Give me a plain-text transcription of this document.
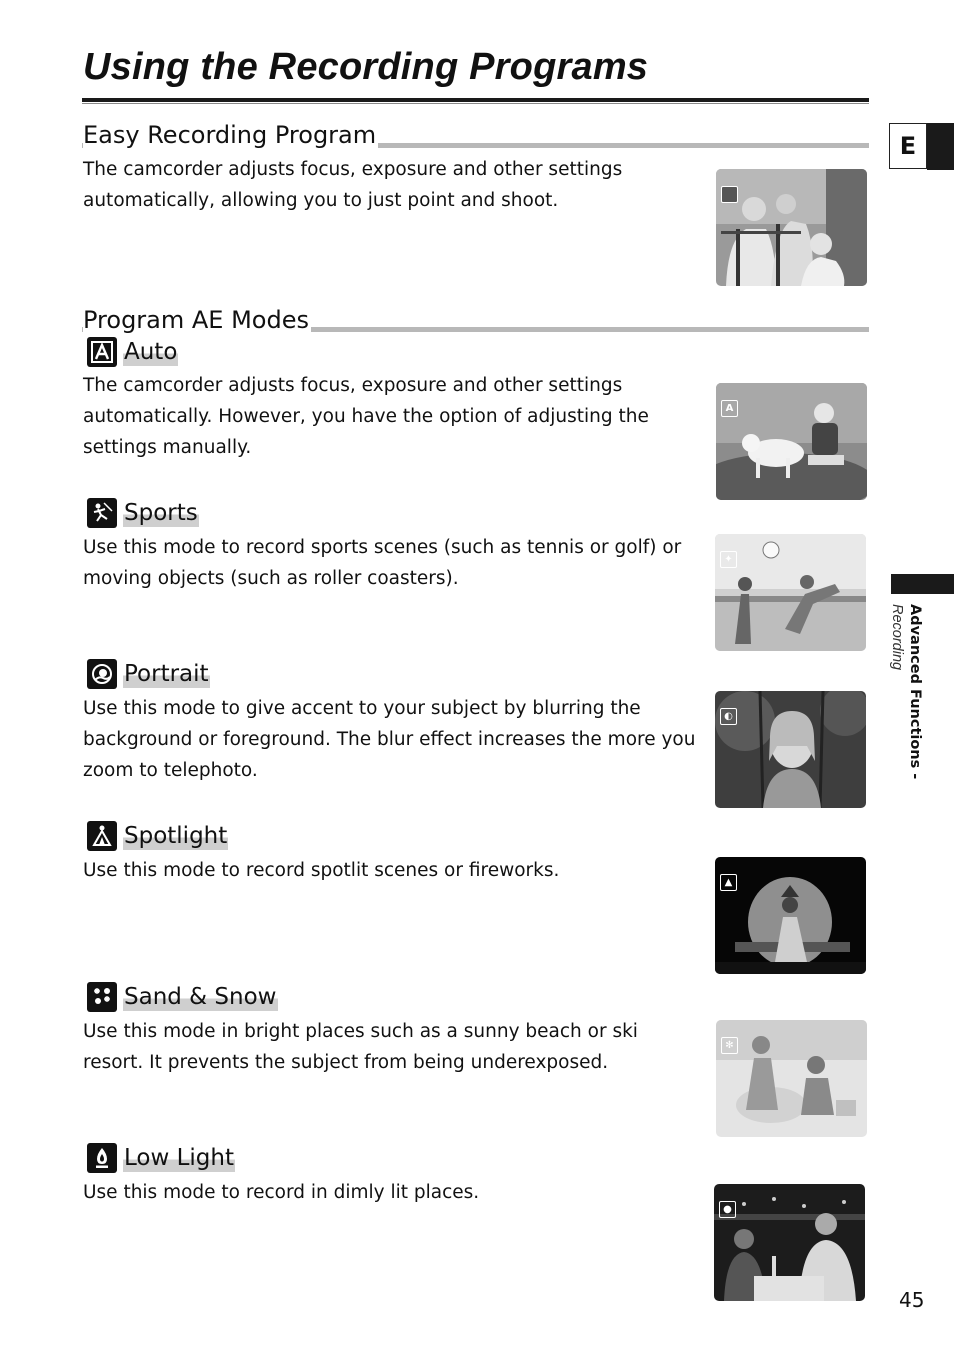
Using the Recording Programs
Easy Recording Program

The camcorder adjusts focus, exposure and other settings automatically, allowing you to just point and shoot.

Program AE Modes
Auto

The camcorder adjusts focus, exposure and other settings automatically. However, you have the option of adjusting the settings manually.

A
Sports

Use this mode to record sports scenes (such as tennis or golf) or moving objects (such as roller coasters).

✦
Portrait

Use this mode to give accent to your subject by blurring the background or foreground. The blur effect increases the more you zoom to telephoto.

◐
Spotlight

Use this mode to record spotlit scenes or fireworks.

▲
Sand & Snow

Use this mode in bright places such as a sunny beach or ski resort. It prevents the subject from being underexposed.

✻
Low Light

Use this mode to record in dimly lit places.

●
E
Advanced Functions -
Recording
45
